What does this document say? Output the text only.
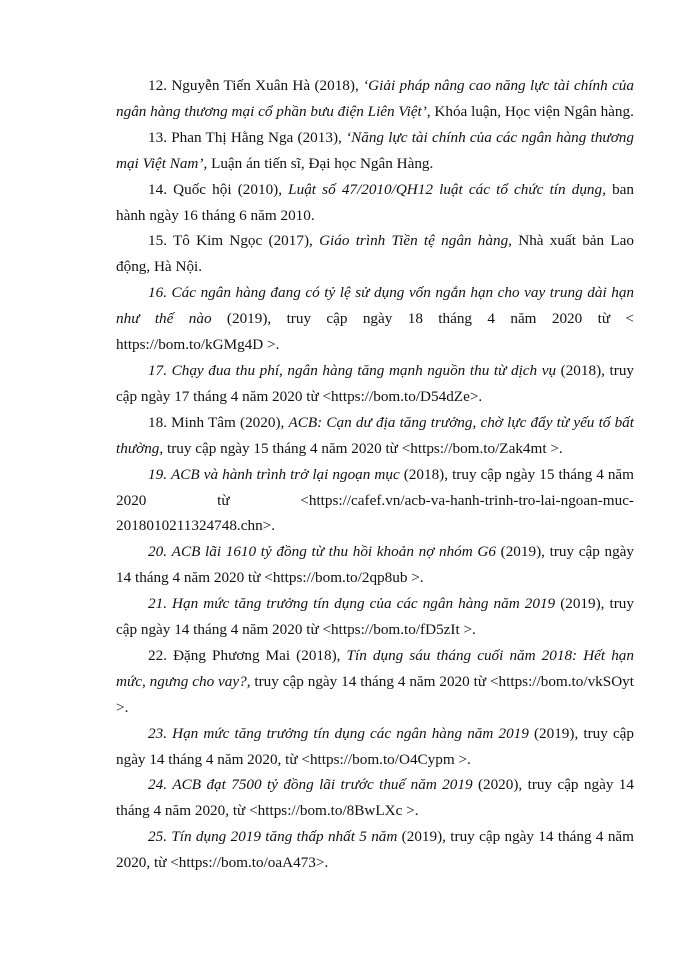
12. Nguyễn Tiến Xuân Hà (2018), ‘Giải pháp nâng cao năng lực tài chính của ngân hàng thương mại cổ phần bưu điện Liên Việt’, Khóa luận, Học viện Ngân hàng.

13. Phan Thị Hằng Nga (2013), ‘Năng lực tài chính của các ngân hàng thương mại Việt Nam’, Luận án tiến sĩ, Đại học Ngân Hàng.

14. Quốc hội (2010), Luật số 47/2010/QH12 luật các tổ chức tín dụng, ban hành ngày 16 tháng 6 năm 2010.

15. Tô Kim Ngọc (2017), Giáo trình Tiền tệ ngân hàng, Nhà xuất bản Lao động, Hà Nội.

16. Các ngân hàng đang có tỷ lệ sử dụng vốn ngắn hạn cho vay trung dài hạn như thế nào (2019), truy cập ngày 18 tháng 4 năm 2020 từ < https://bom.to/kGMg4D >.

17. Chạy đua thu phí, ngân hàng tăng mạnh nguồn thu từ dịch vụ (2018), truy cập ngày 17 tháng 4 năm 2020 từ <https://bom.to/D54dZe>.

18. Minh Tâm (2020), ACB: Cạn dư địa tăng trưởng, chờ lực đẩy từ yếu tố bất thường, truy cập ngày 15 tháng 4 năm 2020 từ <https://bom.to/Zak4mt >.

19. ACB và hành trình trở lại ngoạn mục (2018), truy cập ngày 15 tháng 4 năm 2020 từ <https://cafef.vn/acb-va-hanh-trinh-tro-lai-ngoan-muc-2018010211324748.chn>.

20. ACB lãi 1610 tỷ đồng từ thu hồi khoản nợ nhóm G6 (2019), truy cập ngày 14 tháng 4 năm 2020 từ <https://bom.to/2qp8ub >.

21. Hạn mức tăng trưởng tín dụng của các ngân hàng năm 2019 (2019), truy cập ngày 14 tháng 4 năm 2020 từ <https://bom.to/fD5zIt >.

22. Đặng Phương Mai (2018), Tín dụng sáu tháng cuối năm 2018: Hết hạn mức, ngưng cho vay?, truy cập ngày 14 tháng 4 năm 2020 từ <https://bom.to/vkSOyt >.

23. Hạn mức tăng trưởng tín dụng các ngân hàng năm 2019 (2019), truy cập ngày 14 tháng 4 năm 2020, từ <https://bom.to/O4Cypm >.

24. ACB đạt 7500 tỷ đồng lãi trước thuế năm 2019 (2020), truy cập ngày 14 tháng 4 năm 2020, từ <https://bom.to/8BwLXc >.

25. Tín dụng 2019 tăng thấp nhất 5 năm (2019), truy cập ngày 14 tháng 4 năm 2020, từ <https://bom.to/oaA473>.
